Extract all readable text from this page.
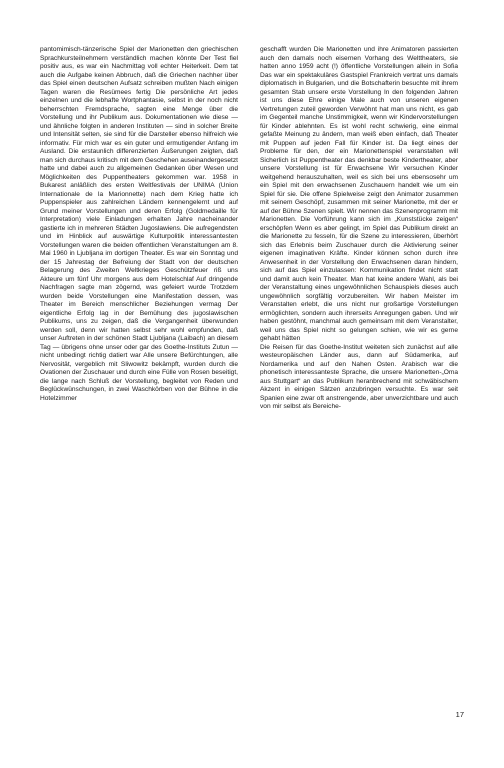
pantomimisch-tänzerische Spiel der Marionetten den griechischen Sprachkursteilnehmern verständlich machen könnte Der Test fiel positiv aus, es war ein Nachmittag voll echter Heiterkeit. Dem tat auch die Aufgabe keinen Abbruch, daß die Griechen nachher über das Spiel einen deutschen Aufsatz schreiben mußten Nach einigen Tagen waren die Resümees fertig Die persönliche Art jedes einzelnen und die lebhafte Wortphantasie, selbst in der noch nicht beherrschten Fremdsprache, sagten eine Menge über die Vorstellung und ihr Publikum aus. Dokumentationen wie diese — und ähnliche folgten in anderen Instituten — sind in solcher Breite und Intensität selten, sie sind für die Darsteller ebenso hilfreich wie informativ. Für mich war es ein guter und ermutigender Anfang im Ausland. Die erstaunlich differenzierten Äußerungen zeigten, daß man sich durchaus kritisch mit dem Geschehen auseinandergesetzt hatte und dabei auch zu allgemeinen Gedanken über Wesen und Möglichkeiten des Puppentheaters gekommen war. 1958 in Bukarest anläßlich des ersten Weltfestivals der UNIMA (Union Internationale de la Marionnette) nach dem Krieg hatte ich Puppenspieler aus zahlreichen Ländern kennengelernt und auf Grund meiner Vorstellungen und deren Erfolg (Goldmedaille für Interpretation) viele Einladungen erhalten Jahre nacheinander gastierte ich in mehreren Städten Jugoslawiens. Die aufregendsten und im Hinblick auf auswärtige Kulturpolitik interessantesten Vorstellungen waren die beiden offentlichen Veranstaltungen am 8. Mai 1960 in Ljubljana im dortigen Theater. Es war ein Sonntag und der 15 Jahrestag der Befreiung der Stadt von der deutschen Belagerung des Zweiten Weltkrieges Geschützfeuer riß uns Akteure um fünf Uhr morgens aus dem Hotelschlaf Auf dringende Nachfragen sagte man zögernd, was gefeiert wurde Trotzdem wurden beide Vorstellungen eine Manifestation dessen, was Theater im Bereich menschlicher Beziehungen vermag Der eigentliche Erfolg lag in der Bemühung des jugoslawischen Publikums, uns zu zeigen, daß die Vergangenheit überwunden werden soll, denn wir hatten selbst sehr wohl empfunden, daß unser Auftreten in der schönen Stadt Ljubljana (Laibach) an diesem Tag — übrigens ohne unser oder gar des Goethe-Instituts Zutun — nicht unbedingt richtig datiert war Alle unsere Befürchtungen, alle Nervosität, vergeblich mit Sliwowitz bekämpft, wurden durch die Ovationen der Zuschauer und durch eine Fülle von Rosen beseitigt, die lange nach Schluß der Vorstellung, begleitet von Reden und Beglückwünschungen, in zwei Waschkörben von der Bühne in die Hotelzimmer

geschafft wurden Die Marionetten und ihre Animatoren passierten auch den damals noch eisernen Vorhang des Welttheaters, sie hatten anno 1959 acht (!) öffentliche Vorstellungen allein in Sofia Das war ein spektakuläres Gastspiel Frankreich vertrat uns damals diplomatisch in Bulgarien, und die Botschafterin besuchte mit ihrem gesamten Stab unsere erste Vorstellung In den folgenden Jahren ist uns diese Ehre einige Male auch von unseren eigenen Vertretungen zuteil geworden Verwöhnt hat man uns nicht, es gab im Gegenteil manche Unstimmigkeit, wenn wir Kindervorstellungen für Kinder ablehnten. Es ist wohl recht schwierig, eine einmal gefaßte Meinung zu ändern, man weiß eben einfach, daß Theater mit Puppen auf jeden Fall für Kinder ist. Da liegt eines der Probleme für den, der ein Marionettenspiel veranstalten will Sicherlich ist Puppentheater das denkbar beste Kindertheater, aber unsere Vorstellung ist für Erwachsene Wir versuchen Kinder weitgehend herauszuhalten, weil es sich bei uns ebensosehr um ein Spiel mit den erwachsenen Zuschauern handelt wie um ein Spiel für sie. Die offene Spielweise zeigt den Animator zusammen mit seinem Geschöpf, zusammen mit seiner Marionette, mit der er auf der Bühne Szenen spielt. Wir nennen das Szenenprogramm mit Marionetten. Die Vorführung kann sich im „Kunststücke zeigen“ erschöpfen Wenn es aber gelingt, im Spiel das Publikum direkt an die Marionette zu fesseln, für die Szene zu interessieren, überhört sich das Erlebnis beim Zuschauer durch die Aktivierung seiner eigenen imaginativen Kräfte. Kinder können schon durch ihre Anwesenheit in der Vorstellung den Erwachsenen daran hindern, sich auf das Spiel einzulassen: Kommunikation findet nicht statt und damit auch kein Theater. Man hat keine andere Wahl, als bei der Veranstaltung eines ungewöhnlichen Schauspiels dieses auch ungewöhnlich sorgfältig vorzubereiten. Wir haben Meister im Veranstalten erlebt, die uns nicht nur großartige Vorstellungen ermöglichten, sondern auch ihrerseits Anregungen gaben. Und wir haben gestöhnt, manchmal auch gemeinsam mit dem Veranstalter, weil uns das Spiel nicht so gelungen schien, wie wir es gerne gehabt hätten

Die Reisen für das Goethe-Institut weiteten sich zunächst auf alle westeuropäischen Länder aus, dann auf Südamerika, auf Nordamerika und auf den Nahen Osten. Arabisch war die phonetisch interessanteste Sprache, die unsere Marionetten-„Oma aus Stuttgart“ an das Publikum heranbrechend mit schwäbischem Akzent in einigen Sätzen anzubringen versuchte. Es war seit Spanien eine zwar oft anstrengende, aber unverzichtbare und auch von mir selbst als Bereiche-

17
